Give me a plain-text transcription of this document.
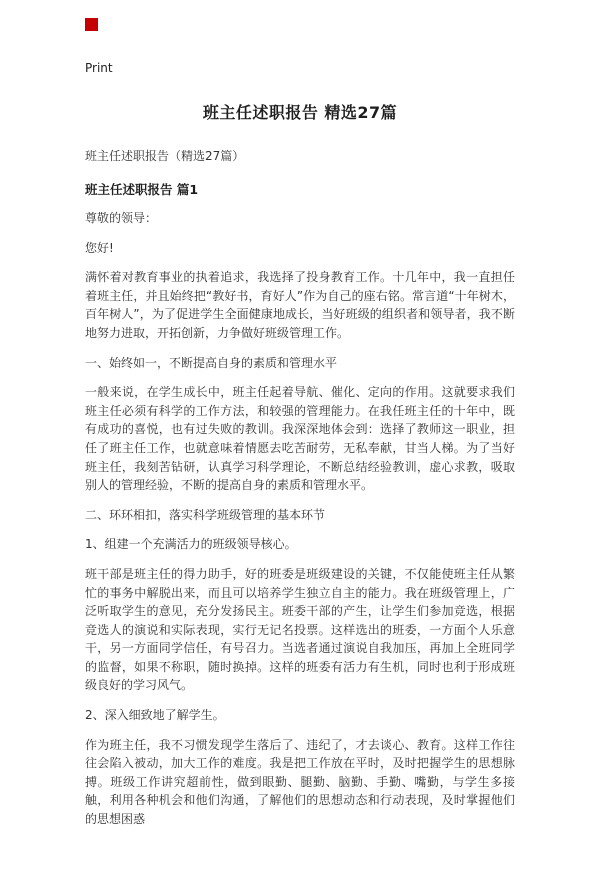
Print
班主任述职报告 精选27篇
班主任述职报告（精选27篇）
班主任述职报告 篇1

尊敬的领导：

您好!

满怀着对教育事业的执着追求，我选择了投身教育工作。十几年中，我一直担任着班主任，并且始终把“教好书，育好人”作为自己的座右铭。常言道“十年树木，百年树人”，为了促进学生全面健康地成长，当好班级的组织者和领导者，我不断地努力进取，开拓创新，力争做好班级管理工作。

一、始终如一，不断提高自身的素质和管理水平

一般来说，在学生成长中，班主任起着导航、催化、定向的作用。这就要求我们班主任必须有科学的工作方法，和较强的管理能力。在我任班主任的十年中，既有成功的喜悦，也有过失败的教训。我深深地体会到：选择了教师这一职业，担任了班主任工作，也就意味着情愿去吃苦耐劳，无私奉献，甘当人梯。为了当好班主任，我刻苦钻研，认真学习科学理论，不断总结经验教训，虚心求教，吸取别人的管理经验，不断的提高自身的素质和管理水平。

二、环环相扣，落实科学班级管理的基本环节

1、组建一个充满活力的班级领导核心。

班干部是班主任的得力助手，好的班委是班级建设的关键，不仅能使班主任从繁忙的事务中解脱出来，而且可以培养学生独立自主的能力。我在班级管理上，广泛听取学生的意见，充分发扬民主。班委干部的产生，让学生们参加竞选，根据竞选人的演说和实际表现，实行无记名投票。这样选出的班委，一方面个人乐意干，另一方面同学信任，有号召力。当选者通过演说自我加压，再加上全班同学的监督，如果不称职，随时换掉。这样的班委有活力有生机，同时也利于形成班级良好的学习风气。

2、深入细致地了解学生。

作为班主任，我不习惯发现学生落后了、违纪了，才去谈心、教育。这样工作往往会陷入被动，加大工作的难度。我是把工作放在平时，及时把握学生的思想脉搏。班级工作讲究超前性，做到眼勤、腿勤、脑勤、手勤、嘴勤，与学生多接触，利用各种机会和他们沟通，了解他们的思想动态和行动表现，及时掌握他们的思想困惑
